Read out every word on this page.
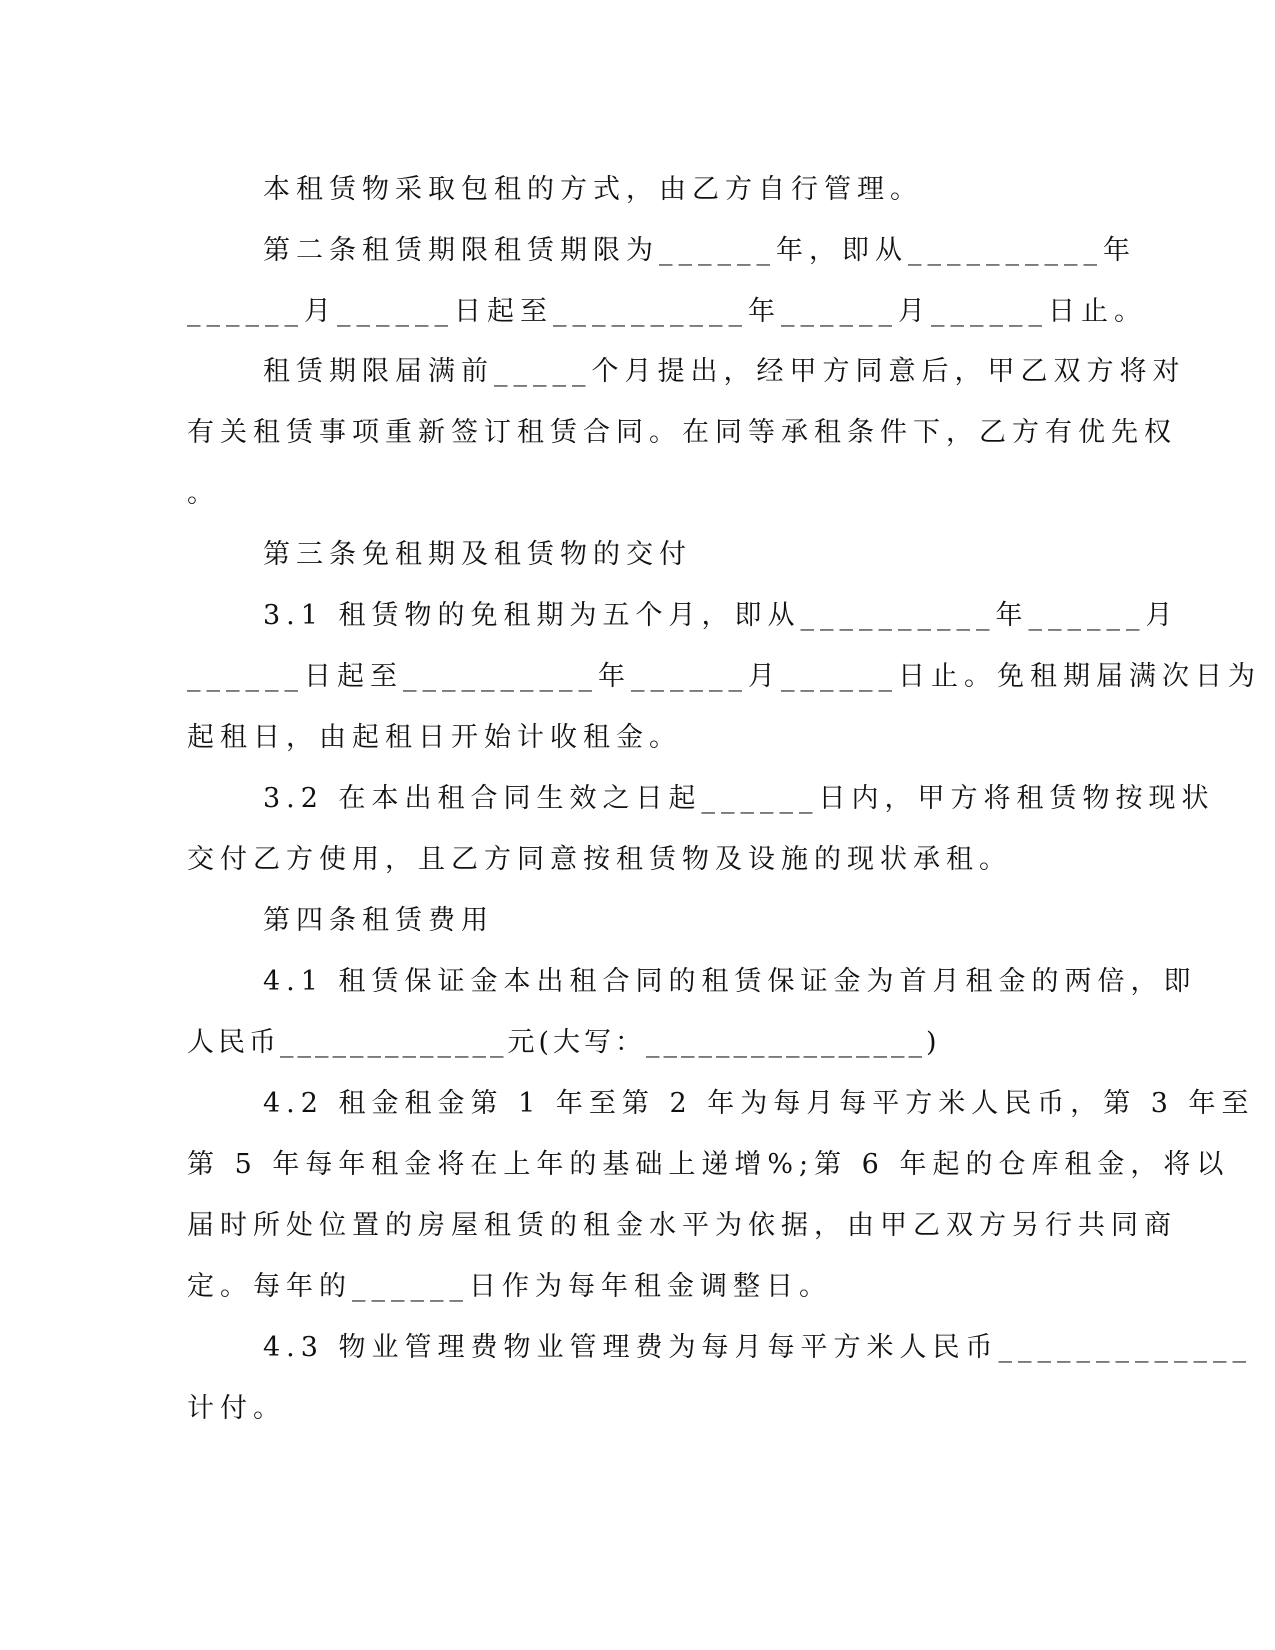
本租赁物采取包租的方式，由乙方自行管理。
第二条租赁期限租赁期限为______年，即从__________年
______月______日起至__________年______月______日止。
租赁期限届满前_____个月提出，经甲方同意后，甲乙双方将对
有关租赁事项重新签订租赁合同。在同等承租条件下，乙方有优先权
。
第三条免租期及租赁物的交付
3.1 租赁物的免租期为五个月，即从__________年______月
______日起至__________年______月______日止。免租期届满次日为
起租日，由起租日开始计收租金。
3.2 在本出租合同生效之日起______日内，甲方将租赁物按现状
交付乙方使用，且乙方同意按租赁物及设施的现状承租。
第四条租赁费用
4.1 租赁保证金本出租合同的租赁保证金为首月租金的两倍，即
人民币_____________元(大写：________________)
4.2 租金租金第 1 年至第 2 年为每月每平方米人民币，第 3 年至
第 5 年每年租金将在上年的基础上递增%;第 6 年起的仓库租金，将以
届时所处位置的房屋租赁的租金水平为依据，由甲乙双方另行共同商
定。每年的______日作为每年租金调整日。
4.3 物业管理费物业管理费为每月每平方米人民币_____________
计付。
